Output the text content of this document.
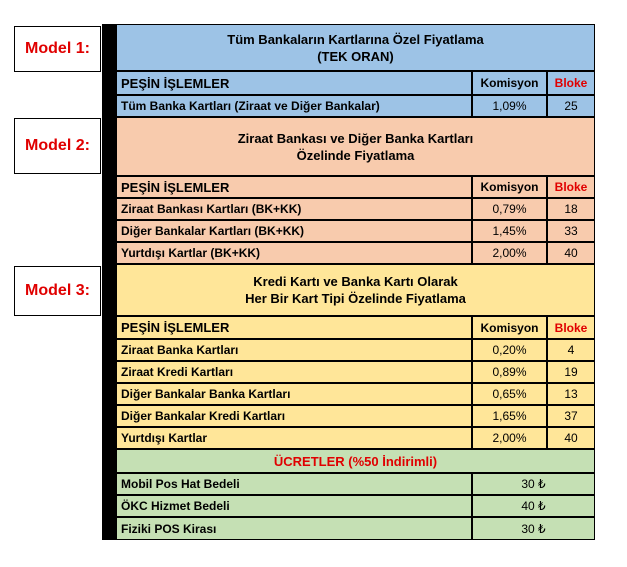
Model 1:
Model 2:
Model 3:
Tüm Bankaların Kartlarına Özel Fiyatlama
(TEK ORAN)
PEŞİN İŞLEMLER	Komisyon	Bloke
Tüm Banka Kartları (Ziraat ve Diğer Bankalar)	1,09%	25
Ziraat Bankası ve Diğer Banka Kartları
Özelinde Fiyatlama
PEŞİN İŞLEMLER	Komisyon	Bloke
Ziraat Bankası Kartları (BK+KK)	0,79%	18
Diğer Bankalar Kartları (BK+KK)	1,45%	33
Yurtdışı Kartlar (BK+KK)	2,00%	40
Kredi Kartı ve Banka Kartı Olarak
Her Bir Kart Tipi Özelinde Fiyatlama
PEŞİN İŞLEMLER	Komisyon	Bloke
Ziraat Banka Kartları	0,20%	4
Ziraat Kredi Kartları	0,89%	19
Diğer Bankalar Banka Kartları	0,65%	13
Diğer Bankalar Kredi Kartları	1,65%	37
Yurtdışı Kartlar	2,00%	40
ÜCRETLER (%50 İndirimli)
Mobil Pos Hat Bedeli	30 ₺
ÖKC Hizmet Bedeli	40 ₺
Fiziki POS Kirası	30 ₺
